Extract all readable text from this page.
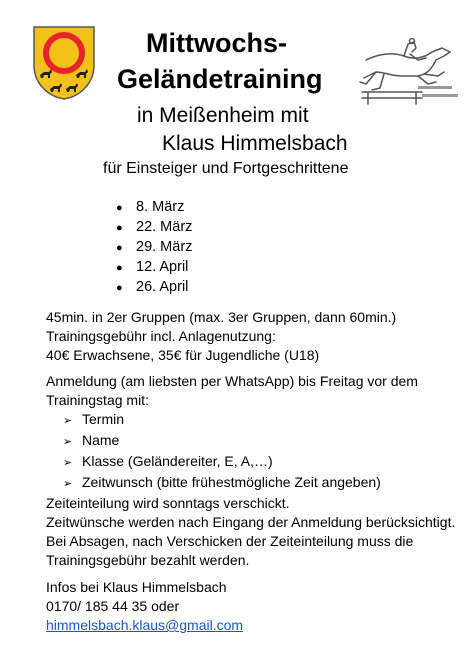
Mittwochs-
Geländetraining
in Meißenheim mit
Klaus Himmelsbach
für Einsteiger und Fortgeschrittene
● 8. März
● 22. März
● 29. März
● 12. April
● 26. April
45min. in 2er Gruppen (max. 3er Gruppen, dann 60min.)
Trainingsgebühr incl. Anlagenutzung:
40€ Erwachsene, 35€ für Jugendliche (U18)
Anmeldung (am liebsten per WhatsApp) bis Freitag vor dem
Trainingstag mit:
➢ Termin
➢ Name
➢ Klasse (Geländereiter, E, A,…)
➢ Zeitwunsch (bitte frühestmögliche Zeit angeben)
Zeiteinteilung wird sonntags verschickt.
Zeitwünsche werden nach Eingang der Anmeldung berücksichtigt.
Bei Absagen, nach Verschicken der Zeiteinteilung muss die
Trainingsgebühr bezahlt werden.
Infos bei Klaus Himmelsbach
0170/ 185 44 35 oder
himmelsbach.klaus@gmail.com
